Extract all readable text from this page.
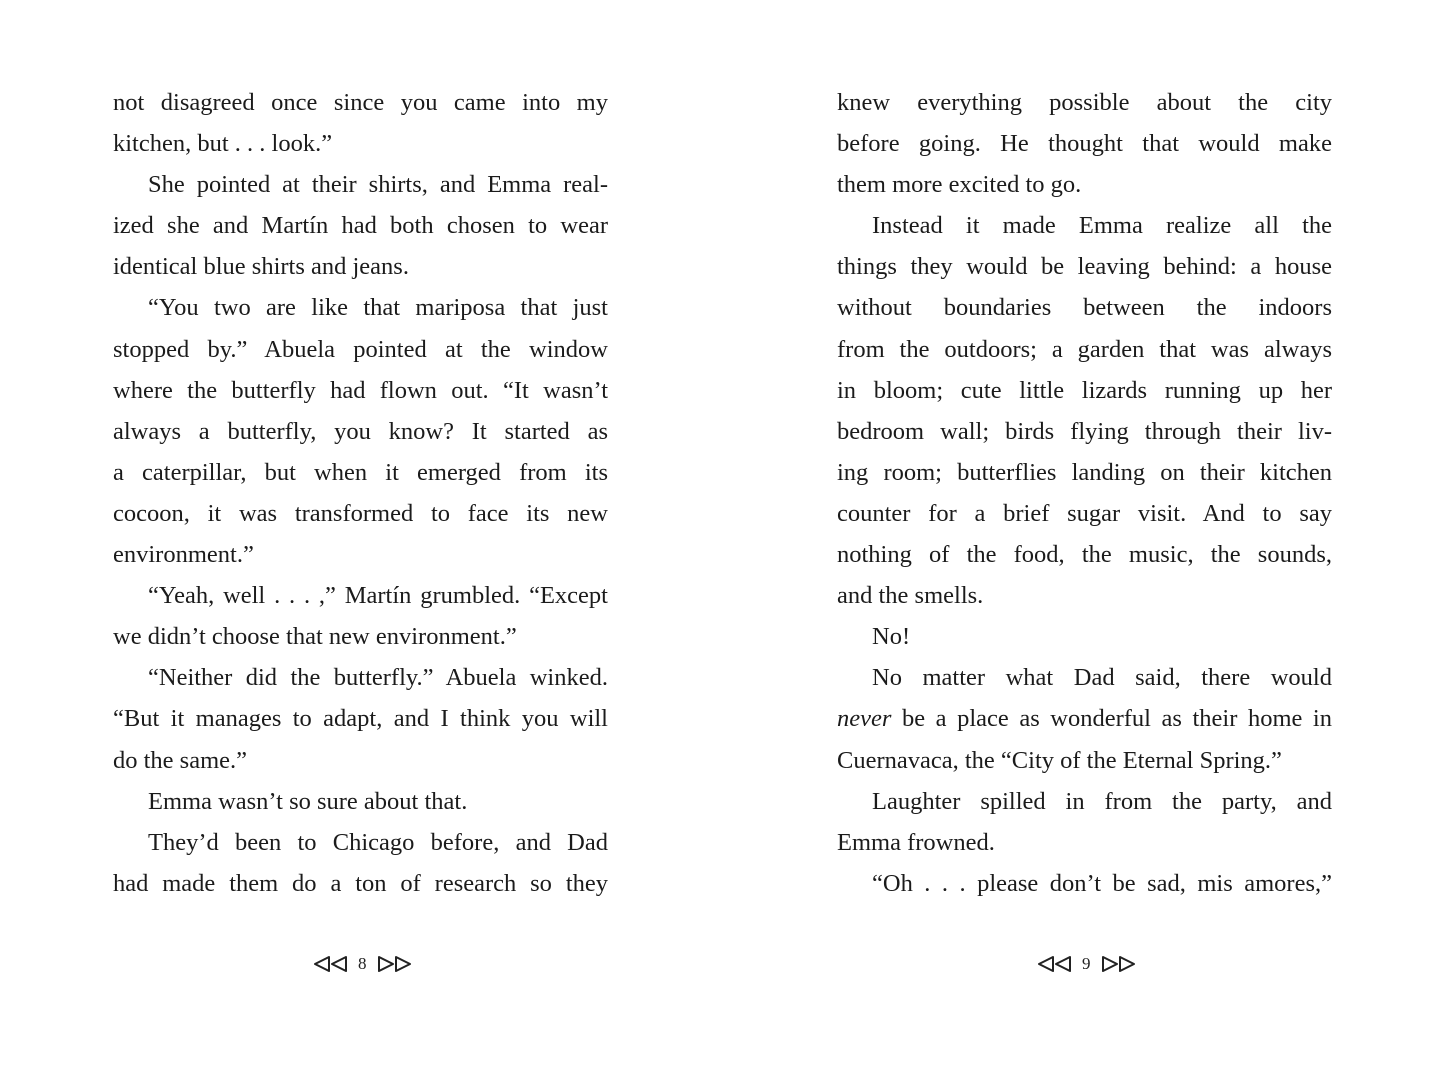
not disagreed once since you came into my
kitchen, but . . . look.”
She pointed at their shirts, and Emma real-
ized she and Martín had both chosen to wear
identical blue shirts and jeans.
“You two are like that mariposa that just
stopped by.” Abuela pointed at the window
where the butterfly had flown out. “It wasn’t
always a butterfly, you know? It started as
a caterpillar, but when it emerged from its
cocoon, it was transformed to face its new
environment.”
“Yeah, well . . . ,” Martín grumbled. “Except
we didn’t choose that new environment.”
“Neither did the butterfly.” Abuela winked.
“But it manages to adapt, and I think you will
do the same.”
Emma wasn’t so sure about that.
They’d been to Chicago before, and Dad
had made them do a ton of research so they
knew everything possible about the city
before going. He thought that would make
them more excited to go.
Instead it made Emma realize all the
things they would be leaving behind: a house
without boundaries between the indoors
from the outdoors; a garden that was always
in bloom; cute little lizards running up her
bedroom wall; birds flying through their liv-
ing room; butterflies landing on their kitchen
counter for a brief sugar visit. And to say
nothing of the food, the music, the sounds,
and the smells.
No!
No matter what Dad said, there would
never be a place as wonderful as their home in
Cuernavaca, the “City of the Eternal Spring.”
Laughter spilled in from the party, and
Emma frowned.
“Oh . . . please don’t be sad, mis amores,”
8	9
